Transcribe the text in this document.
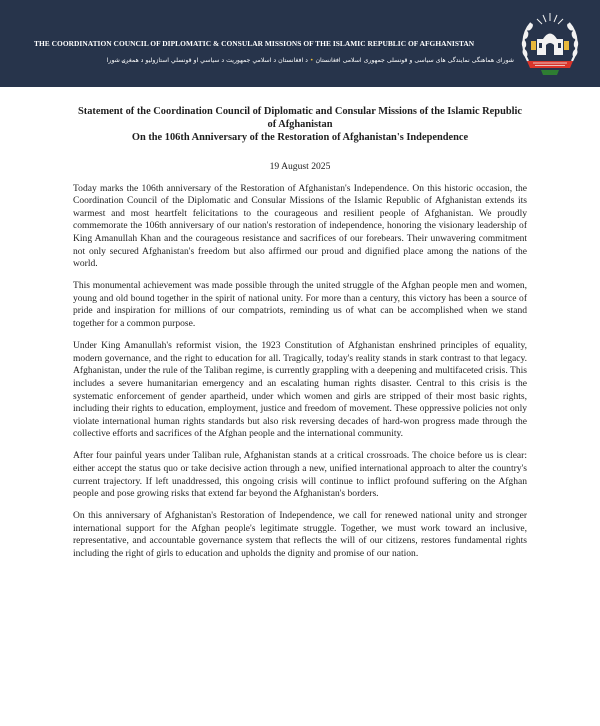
THE COORDINATION COUNCIL OF DIPLOMATIC & CONSULAR MISSIONS OF THE ISLAMIC REPUBLIC OF AFGHANISTAN
شورای هماهنگی نمایندگی های سیاسی و قونسلی جمهوری اسلامی افغانستان • د افغانستان د اسلامي جمهوریت د سیاسي او قونسلي استازولیو د همغږۍ شورا

Statement of the Coordination Council of Diplomatic and Consular Missions of the Islamic Republic of Afghanistan
On the 106th Anniversary of the Restoration of Afghanistan's Independence

19 August 2025

Today marks the 106th anniversary of the Restoration of Afghanistan's Independence. On this historic occasion, the Coordination Council of the Diplomatic and Consular Missions of the Islamic Republic of Afghanistan extends its warmest and most heartfelt felicitations to the courageous and resilient people of Afghanistan. We proudly commemorate the 106th anniversary of our nation's restoration of independence, honoring the visionary leadership of King Amanullah Khan and the courageous resistance and sacrifices of our forebears. Their unwavering commitment not only secured Afghanistan's freedom but also affirmed our proud and dignified place among the nations of the world.

This monumental achievement was made possible through the united struggle of the Afghan people men and women, young and old bound together in the spirit of national unity. For more than a century, this victory has been a source of pride and inspiration for millions of our compatriots, reminding us of what can be accomplished when we stand together for a common purpose.

Under King Amanullah's reformist vision, the 1923 Constitution of Afghanistan enshrined principles of equality, modern governance, and the right to education for all. Tragically, today's reality stands in stark contrast to that legacy. Afghanistan, under the rule of the Taliban regime, is currently grappling with a deepening and multifaceted crisis. This includes a severe humanitarian emergency and an escalating human rights disaster. Central to this crisis is the systematic enforcement of gender apartheid, under which women and girls are stripped of their most basic rights, including their rights to education, employment, justice and freedom of movement. These oppressive policies not only violate international human rights standards but also risk reversing decades of hard-won progress made through the collective efforts and sacrifices of the Afghan people and the international community.

After four painful years under Taliban rule, Afghanistan stands at a critical crossroads. The choice before us is clear: either accept the status quo or take decisive action through a new, unified international approach to alter the country's current trajectory. If left unaddressed, this ongoing crisis will continue to inflict profound suffering on the Afghan people and pose growing risks that extend far beyond the Afghanistan's borders.

On this anniversary of Afghanistan's Restoration of Independence, we call for renewed national unity and stronger international support for the Afghan people's legitimate struggle. Together, we must work toward an inclusive, representative, and accountable governance system that reflects the will of our citizens, restores fundamental rights including the right of girls to education and upholds the dignity and promise of our nation.
